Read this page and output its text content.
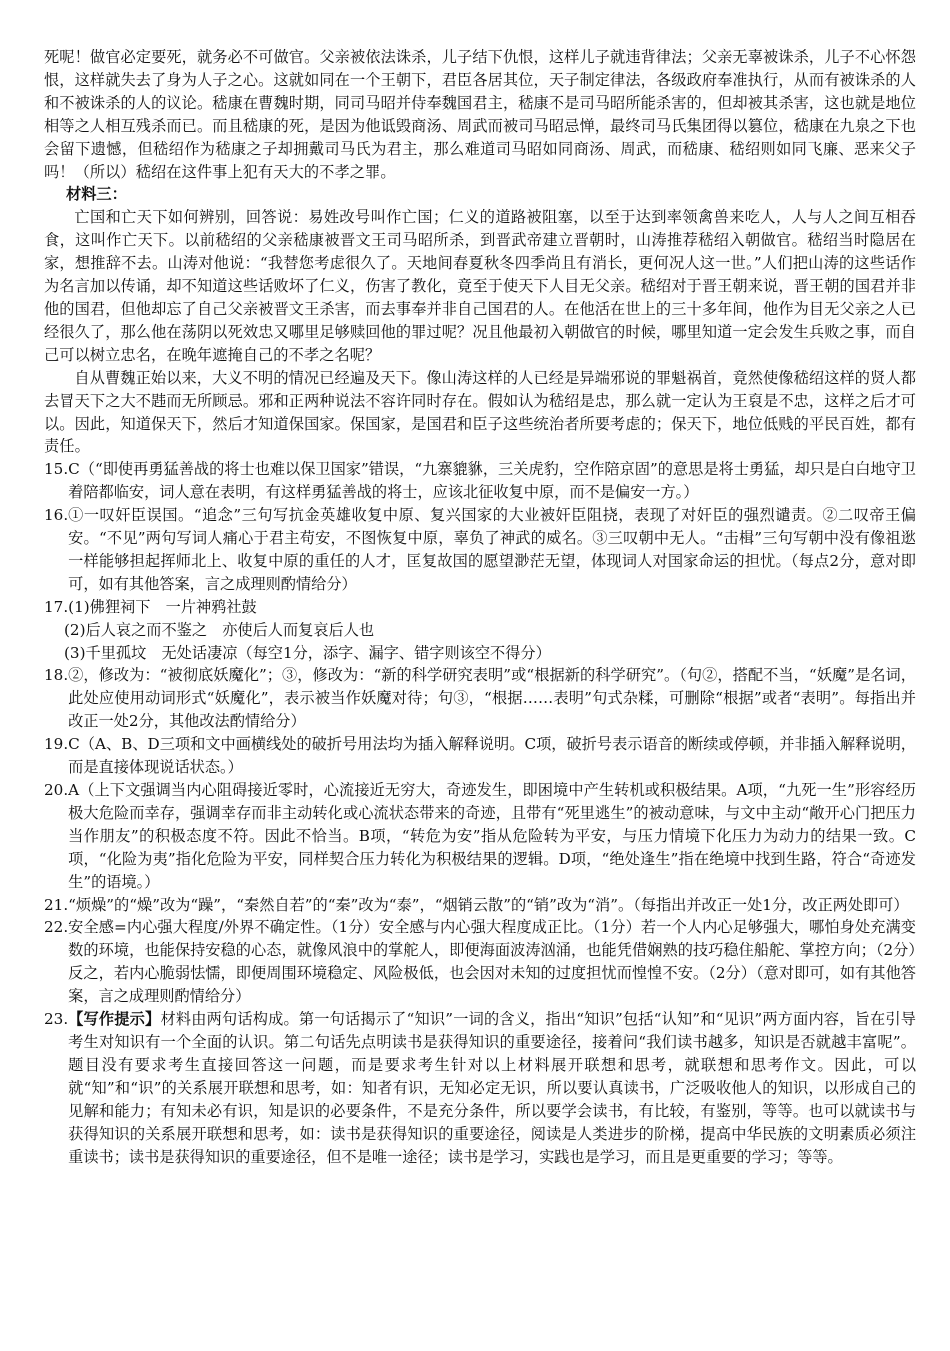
死呢！做官必定要死，就务必不可做官。父亲被依法诛杀，儿子结下仇恨，这样儿子就违背律法；父亲无辜被诛杀，儿子不心怀怨恨，这样就失去了身为人子之心。这就如同在一个王朝下，君臣各居其位，天子制定律法，各级政府奉准执行，从而有被诛杀的人和不被诛杀的人的议论。嵇康在曹魏时期，同司马昭并侍奉魏国君主，嵇康不是司马昭所能杀害的，但却被其杀害，这也就是地位相等之人相互残杀而已。而且嵇康的死，是因为他诋毁商汤、周武而被司马昭忌惮，最终司马氏集团得以篡位，嵇康在九泉之下也会留下遗憾，但嵇绍作为嵇康之子却拥戴司马氏为君主，那么难道司马昭如同商汤、周武，而嵇康、嵇绍则如同飞廉、恶来父子吗！（所以）嵇绍在这件事上犯有天大的不孝之罪。

材料三：

亡国和亡天下如何辨别，回答说：易姓改号叫作亡国；仁义的道路被阻塞，以至于达到率领禽兽来吃人，人与人之间互相吞食，这叫作亡天下。以前嵇绍的父亲嵇康被晋文王司马昭所杀，到晋武帝建立晋朝时，山涛推荐嵇绍入朝做官。嵇绍当时隐居在家，想推辞不去。山涛对他说：“我替您考虑很久了。天地间春夏秋冬四季尚且有消长，更何况人这一世。”人们把山涛的这些话作为名言加以传诵，却不知道这些话败坏了仁义，伤害了教化，竟至于使天下人目无父亲。嵇绍对于晋王朝来说，晋王朝的国君并非他的国君，但他却忘了自己父亲被晋文王杀害，而去事奉并非自己国君的人。在他活在世上的三十多年间，他作为目无父亲之人已经很久了，那么他在荡阴以死效忠又哪里足够赎回他的罪过呢？况且他最初入朝做官的时候，哪里知道一定会发生兵败之事，而自己可以树立忠名，在晚年遮掩自己的不孝之名呢？

自从曹魏正始以来，大义不明的情况已经遍及天下。像山涛这样的人已经是异端邪说的罪魁祸首，竟然使像嵇绍这样的贤人都去冒天下之大不韪而无所顾忌。邪和正两种说法不容许同时存在。假如认为嵇绍是忠，那么就一定认为王裒是不忠，这样之后才可以。因此，知道保天下，然后才知道保国家。保国家，是国君和臣子这些统治者所要考虑的；保天下，地位低贱的平民百姓，都有责任。

15. C（“即使再勇猛善战的将士也难以保卫国家”错误，“九寨貔貅，三关虎豹，空作陪京固”的意思是将士勇猛，却只是白白地守卫着陪都临安，词人意在表明，有这样勇猛善战的将士，应该北征收复中原，而不是偏安一方。）
16. ①一叹奸臣误国。“追念”三句写抗金英雄收复中原、复兴国家的大业被奸臣阻挠，表现了对奸臣的强烈谴责。②二叹帝王偏安。“不见”两句写词人痛心于君主苟安，不图恢复中原，辜负了神武的威名。③三叹朝中无人。“击楫”三句写朝中没有像祖逖一样能够担起挥师北上、收复中原的重任的人才，匡复故国的愿望渺茫无望，体现词人对国家命运的担忧。（每点2分，意对即可，如有其他答案，言之成理则酌情给分）
17. (1)佛狸祠下　一片神鸦社鼓

(2)后人哀之而不鉴之　亦使后人而复哀后人也

(3)千里孤坟　无处话凄凉（每空1分，添字、漏字、错字则该空不得分）

18. ②，修改为：“被彻底妖魔化”；③，修改为：“新的科学研究表明”或“根据新的科学研究”。（句②，搭配不当，“妖魔”是名词，此处应使用动词形式“妖魔化”，表示被当作妖魔对待；句③，“根据……表明”句式杂糅，可删除“根据”或者“表明”。每指出并改正一处2分，其他改法酌情给分）
19. C（A、B、D三项和文中画横线处的破折号用法均为插入解释说明。C项，破折号表示语音的断续或停顿，并非插入解释说明，而是直接体现说话状态。）
20. A（上下文强调当内心阻碍接近零时，心流接近无穷大，奇迹发生，即困境中产生转机或积极结果。A项，“九死一生”形容经历极大危险而幸存，强调幸存而非主动转化或心流状态带来的奇迹，且带有“死里逃生”的被动意味，与文中主动“敞开心门把压力当作朋友”的积极态度不符。因此不恰当。B项，“转危为安”指从危险转为平安，与压力情境下化压力为动力的结果一致。C项，“化险为夷”指化危险为平安，同样契合压力转化为积极结果的逻辑。D项，“绝处逢生”指在绝境中找到生路，符合“奇迹发生”的语境。）
21. “烦燥”的“燥”改为“躁”，“秦然自若”的“秦”改为“泰”，“烟销云散”的“销”改为“消”。（每指出并改正一处1分，改正两处即可）
22. 安全感=内心强大程度/外界不确定性。（1分）安全感与内心强大程度成正比。（1分）若一个人内心足够强大，哪怕身处充满变数的环境，也能保持安稳的心态，就像风浪中的掌舵人，即便海面波涛汹涌，也能凭借娴熟的技巧稳住船舵、掌控方向；（2分）反之，若内心脆弱怯懦，即便周围环境稳定、风险极低，也会因对未知的过度担忧而惶惶不安。（2分）（意对即可，如有其他答案，言之成理则酌情给分）
23. 【写作提示】材料由两句话构成。第一句话揭示了“知识”一词的含义，指出“知识”包括“认知”和“见识”两方面内容，旨在引导考生对知识有一个全面的认识。第二句话先点明读书是获得知识的重要途径，接着问“我们读书越多，知识是否就越丰富呢”。题目没有要求考生直接回答这一问题，而是要求考生针对以上材料展开联想和思考，就联想和思考作文。因此，可以就“知”和“识”的关系展开联想和思考，如：知者有识，无知必定无识，所以要认真读书，广泛吸收他人的知识，以形成自己的见解和能力；有知未必有识，知是识的必要条件，不是充分条件，所以要学会读书，有比较，有鉴别，等等。也可以就读书与获得知识的关系展开联想和思考，如：读书是获得知识的重要途径，阅读是人类进步的阶梯，提高中华民族的文明素质必须注重读书；读书是获得知识的重要途径，但不是唯一途径；读书是学习，实践也是学习，而且是更重要的学习；等等。
